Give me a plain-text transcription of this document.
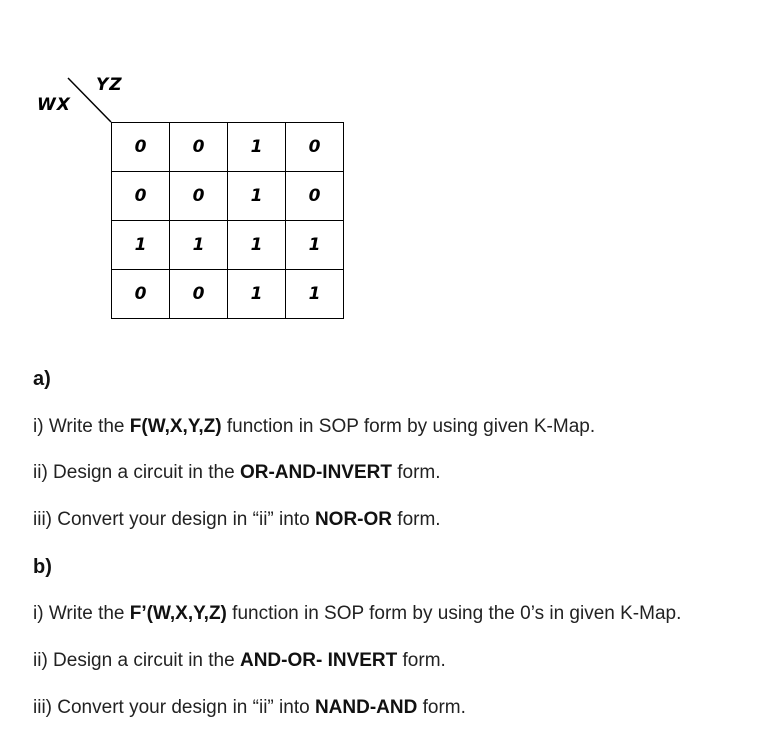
YZ
WX
0	0	1	0
0	0	1	0
1	1	1	1
0	0	1	1
a)
i) Write the F(W,X,Y,Z) function in SOP form by using given K-Map.
ii) Design a circuit in the OR-AND-INVERT form.
iii) Convert your design in “ii” into NOR-OR form.
b)
i) Write the F’(W,X,Y,Z) function in SOP form by using the 0’s in given K-Map.
ii) Design a circuit in the AND-OR- INVERT form.
iii) Convert your design in “ii” into NAND-AND form.
